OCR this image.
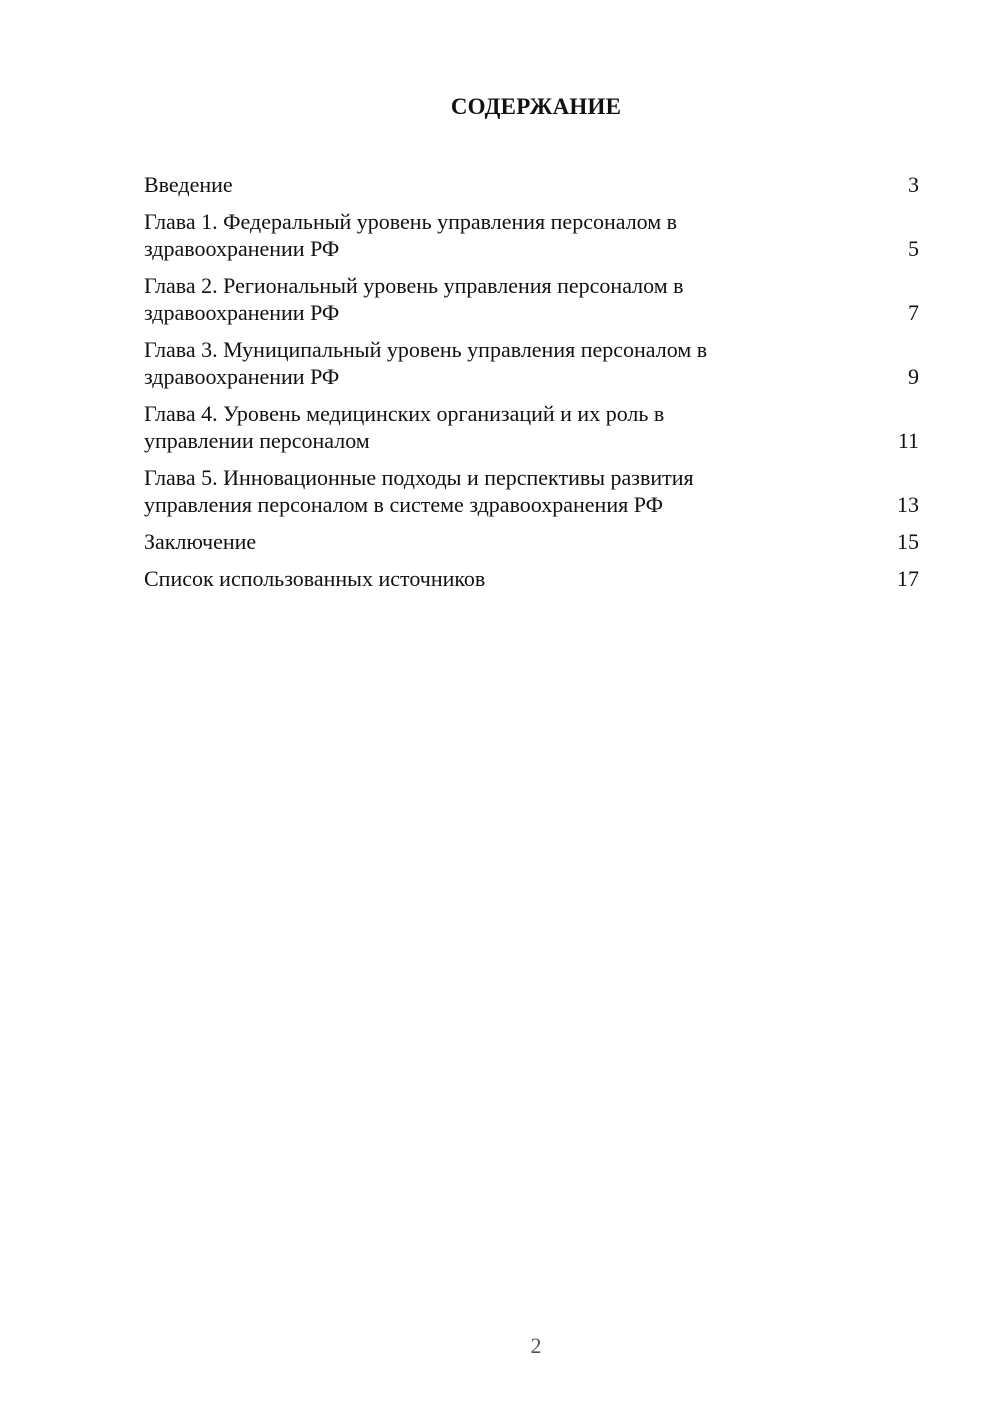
СОДЕРЖАНИЕ
Введение	3
Глава 1. Федеральный уровень управления персоналом в
здравоохранении РФ	5
Глава 2. Региональный уровень управления персоналом в
здравоохранении РФ	7
Глава 3. Муниципальный уровень управления персоналом в
здравоохранении РФ	9
Глава 4. Уровень медицинских организаций и их роль в
управлении персоналом	11
Глава 5. Инновационные подходы и перспективы развития
управления персоналом в системе здравоохранения РФ	13
Заключение	15
Список использованных источников	17
2
